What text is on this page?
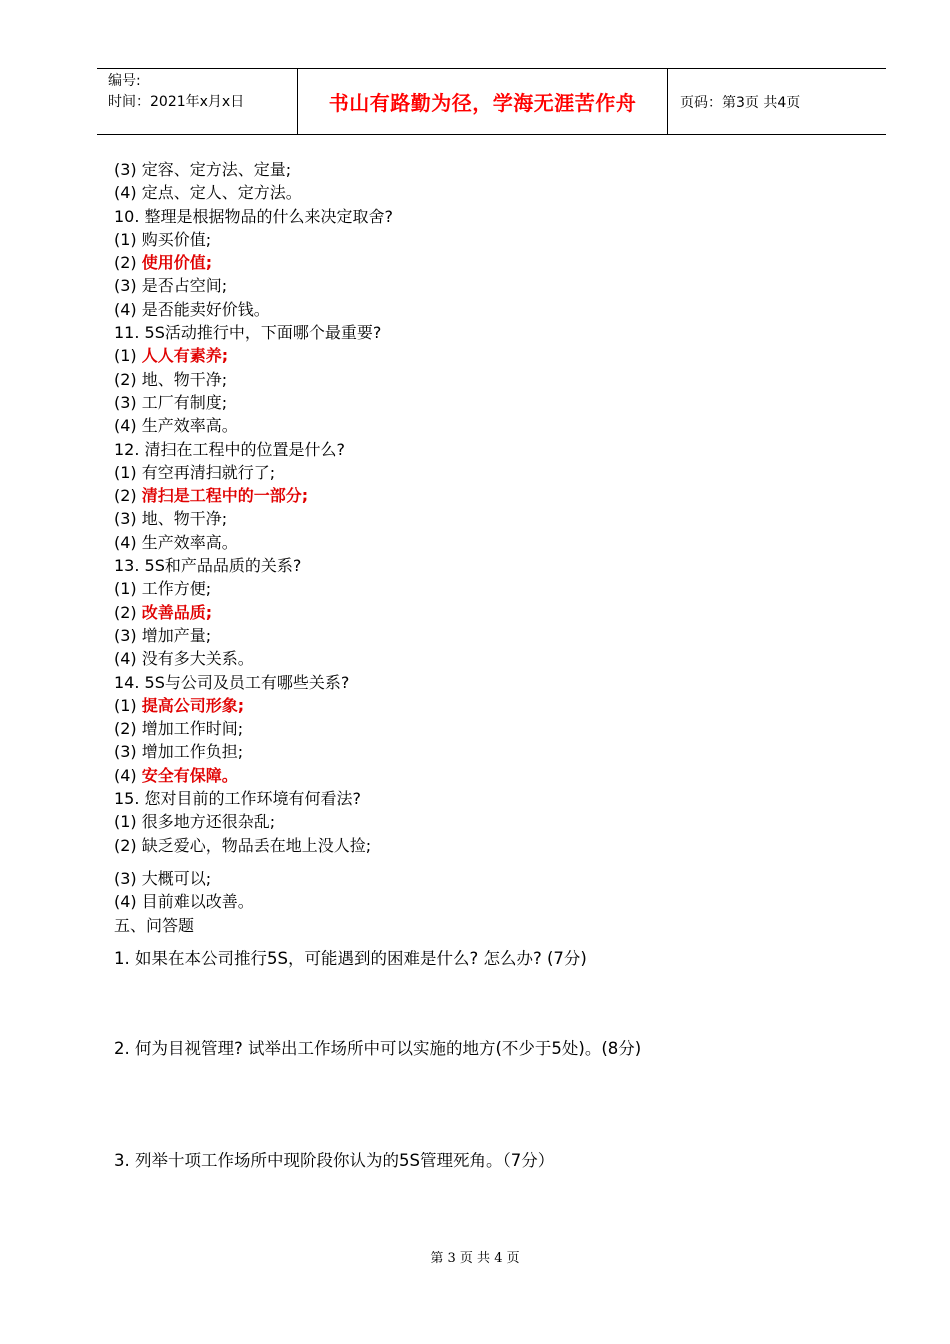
编号:
时间：2021年x月x日	书山有路勤为径，学海无涯苦作舟	页码：第3页 共4页
(3) 定容、定方法、定量;
(4) 定点、定人、定方法。
10. 整理是根据物品的什么来决定取舍?
(1) 购买价值;
(2) 使用价值;
(3) 是否占空间;
(4) 是否能卖好价钱。
11. 5S活动推行中，下面哪个最重要?
(1) 人人有素养;
(2) 地、物干净;
(3) 工厂有制度;
(4) 生产效率高。
12. 清扫在工程中的位置是什么?
(1) 有空再清扫就行了;
(2) 清扫是工程中的一部分;
(3) 地、物干净;
(4) 生产效率高。
13. 5S和产品品质的关系?
(1) 工作方便;
(2) 改善品质;
(3) 增加产量;
(4) 没有多大关系。
14. 5S与公司及员工有哪些关系?
(1) 提高公司形象;
(2) 增加工作时间;
(3) 增加工作负担;
(4) 安全有保障。
15. 您对目前的工作环境有何看法?
(1) 很多地方还很杂乱;
(2) 缺乏爱心，物品丢在地上没人捡;
(3) 大概可以;
(4) 目前难以改善。
五、问答题
1. 如果在本公司推行5S，可能遇到的困难是什么? 怎么办? (7分)
2. 何为目视管理? 试举出工作场所中可以实施的地方(不少于5处)。(8分)
3. 列举十项工作场所中现阶段你认为的5S管理死角。（7分）
第 3 页 共 4 页
